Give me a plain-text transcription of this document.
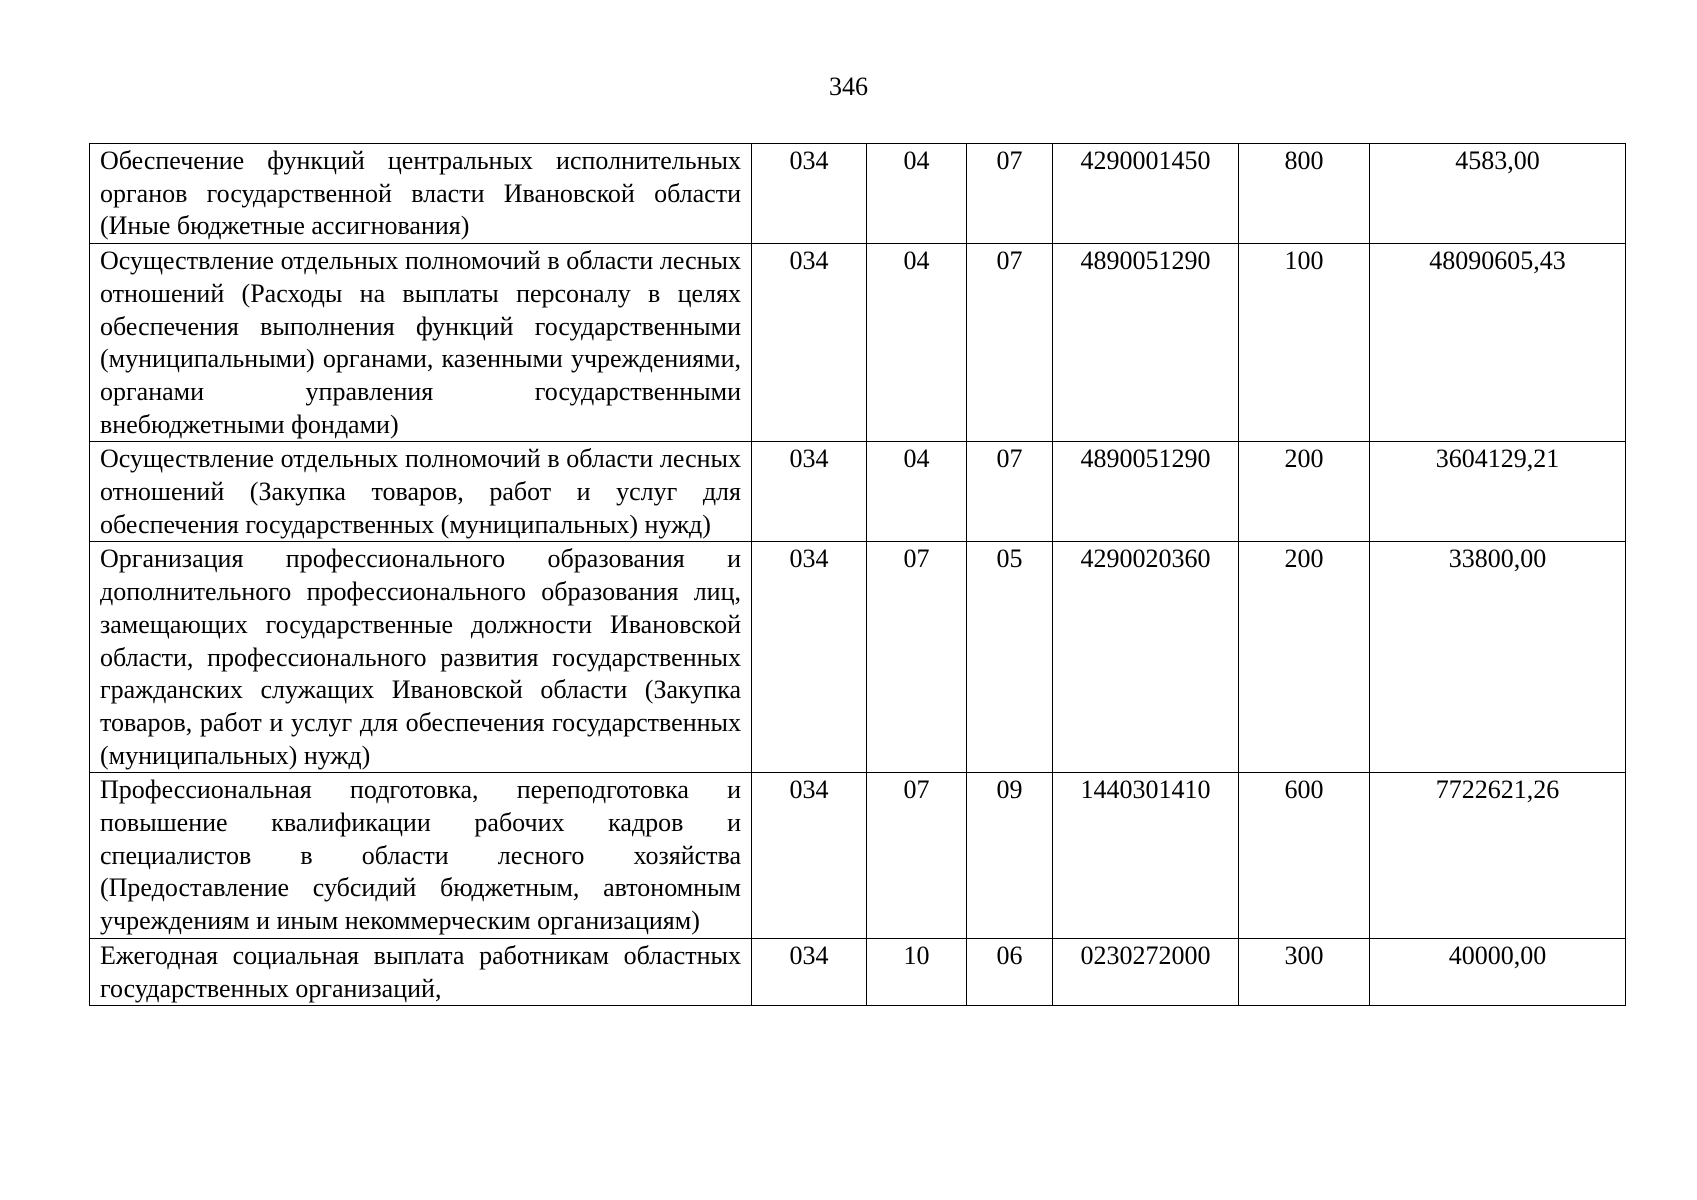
346
Обеспечение функций центральных исполнительных органов государственной власти Ивановской области (Иные бюджетные ассигнования)	034	04	07	4290001450	800	4583,00
Осуществление отдельных полномочий в области лесных отношений (Расходы на выплаты персоналу в целях обеспечения выполнения функций государственными (муниципальными) органами, казенными учреждениями, органами управления государственными внебюджетными фондами)	034	04	07	4890051290	100	48090605,43
Осуществление отдельных полномочий в области лесных отношений (Закупка товаров, работ и услуг для обеспечения государственных (муниципальных) нужд)	034	04	07	4890051290	200	3604129,21
Организация профессионального образования и дополнительного профессионального образования лиц, замещающих государственные должности Ивановской области, профессионального развития государственных гражданских служащих Ивановской области (Закупка товаров, работ и услуг для обеспечения государственных (муниципальных) нужд)	034	07	05	4290020360	200	33800,00
Профессиональная подготовка, переподготовка и повышение квалификации рабочих кадров и специалистов в области лесного хозяйства (Предоставление субсидий бюджетным, автономным учреждениям и иным некоммерческим организациям)	034	07	09	1440301410	600	7722621,26
Ежегодная социальная выплата работникам областных государственных организаций,	034	10	06	0230272000	300	40000,00
